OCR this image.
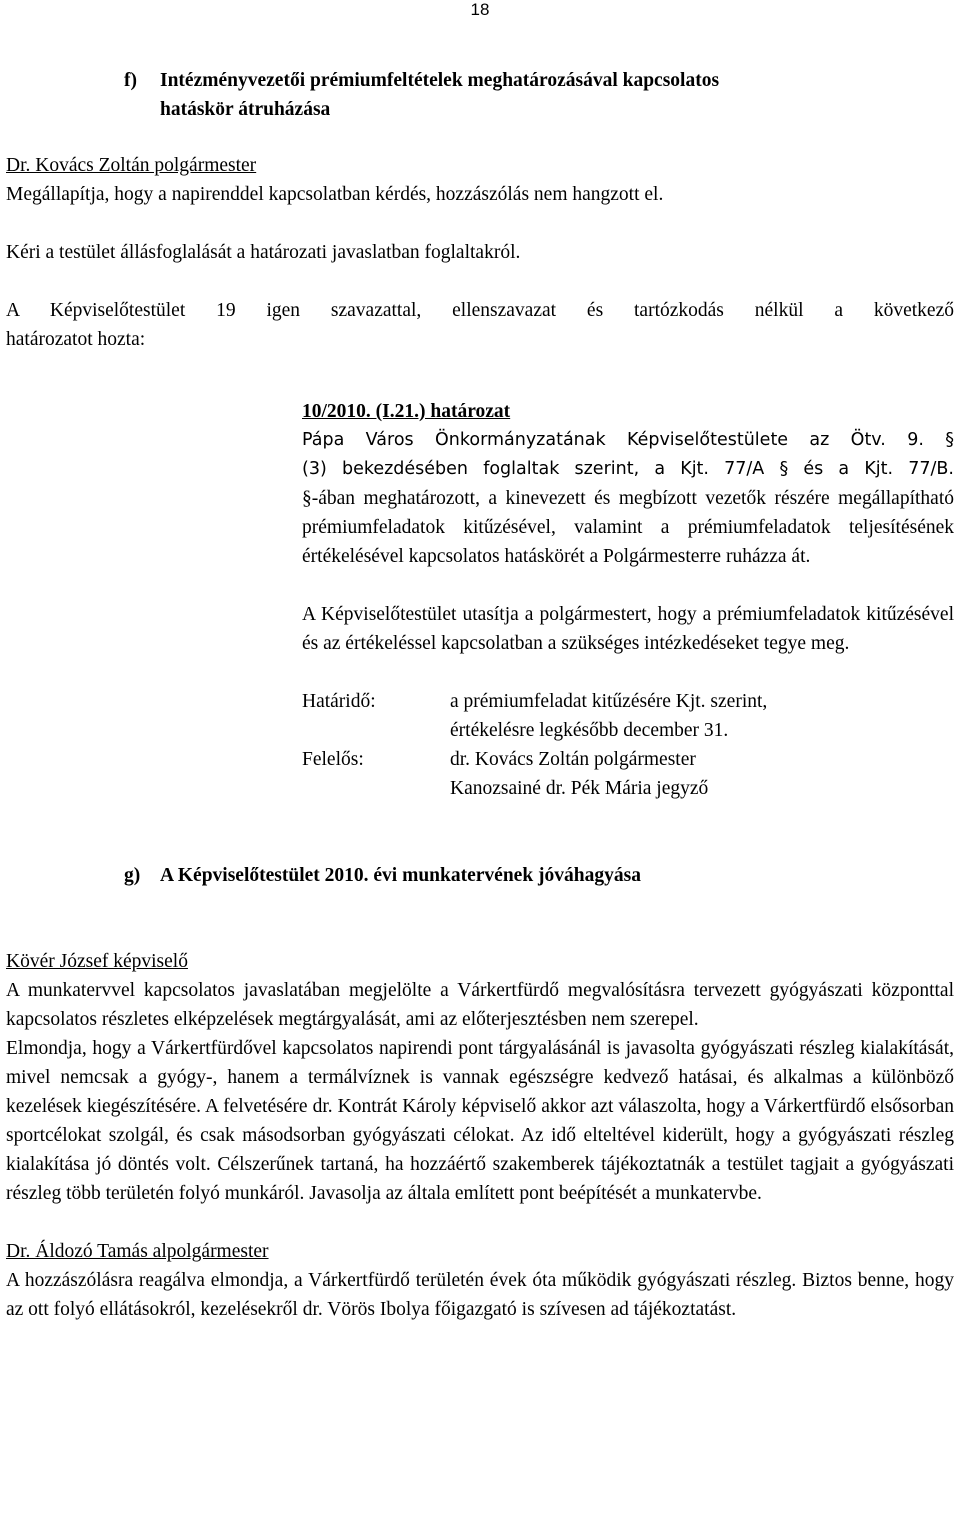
18

f) Intézményvezetői prémiumfeltételek meghatározásával kapcsolatos
hatáskör átruházása

Dr. Kovács Zoltán polgármester

Megállapítja, hogy a napirenddel kapcsolatban kérdés, hozzászólás nem hangzott el.

Kéri a testület állásfoglalását a határozati javaslatban foglaltakról.

A Képviselőtestület 19 igen szavazattal, ellenszavazat és tartózkodás nélkül a következő

határozatot hozta:

10/2010. (I.21.) határozat

Pápa Város Önkormányzatának Képviselőtestülete az Ötv. 9. §

(3) bekezdésében foglaltak szerint, a Kjt. 77/A § és a Kjt. 77/B.

§-ában meghatározott, a kinevezett és megbízott vezetők részére megállapítható prémiumfeladatok kitűzésével, valamint a prémiumfeladatok teljesítésének értékelésével kapcsolatos hatáskörét a Polgármesterre ruházza át.

A Képviselőtestület utasítja a polgármestert, hogy a prémiumfeladatok kitűzésével és az értékeléssel kapcsolatban a szükséges intézkedéseket tegye meg.

Határidő:	a prémiumfeladat kitűzésére Kjt. szerint,
értékelésre legkésőbb december 31.
Felelős:	dr. Kovács Zoltán polgármester
Kanozsainé dr. Pék Mária jegyző

g) A Képviselőtestület 2010. évi munkatervének jóváhagyása

Kövér József képviselő

A munkatervvel kapcsolatos javaslatában megjelölte a Várkertfürdő megvalósításra tervezett gyógyászati központtal kapcsolatos részletes elképzelések megtárgyalását, ami az előterjesztésben nem szerepel.

Elmondja, hogy a Várkertfürdővel kapcsolatos napirendi pont tárgyalásánál is javasolta gyógyászati részleg kialakítását, mivel nemcsak a gyógy-, hanem a termálvíznek is vannak egészségre kedvező hatásai, és alkalmas a különböző kezelések kiegészítésére. A felvetésére dr. Kontrát Károly képviselő akkor azt válaszolta, hogy a Várkertfürdő elsősorban sportcélokat szolgál, és csak másodsorban gyógyászati célokat. Az idő elteltével kiderült, hogy a gyógyászati részleg kialakítása jó döntés volt. Célszerűnek tartaná, ha hozzáértő szakemberek tájékoztatnák a testület tagjait a gyógyászati részleg több területén folyó munkáról. Javasolja az általa említett pont beépítését a munkatervbe.

Dr. Áldozó Tamás alpolgármester

A hozzászólásra reagálva elmondja, a Várkertfürdő területén évek óta működik gyógyászati részleg. Biztos benne, hogy az ott folyó ellátásokról, kezelésekről dr. Vörös Ibolya főigazgató is szívesen ad tájékoztatást.
